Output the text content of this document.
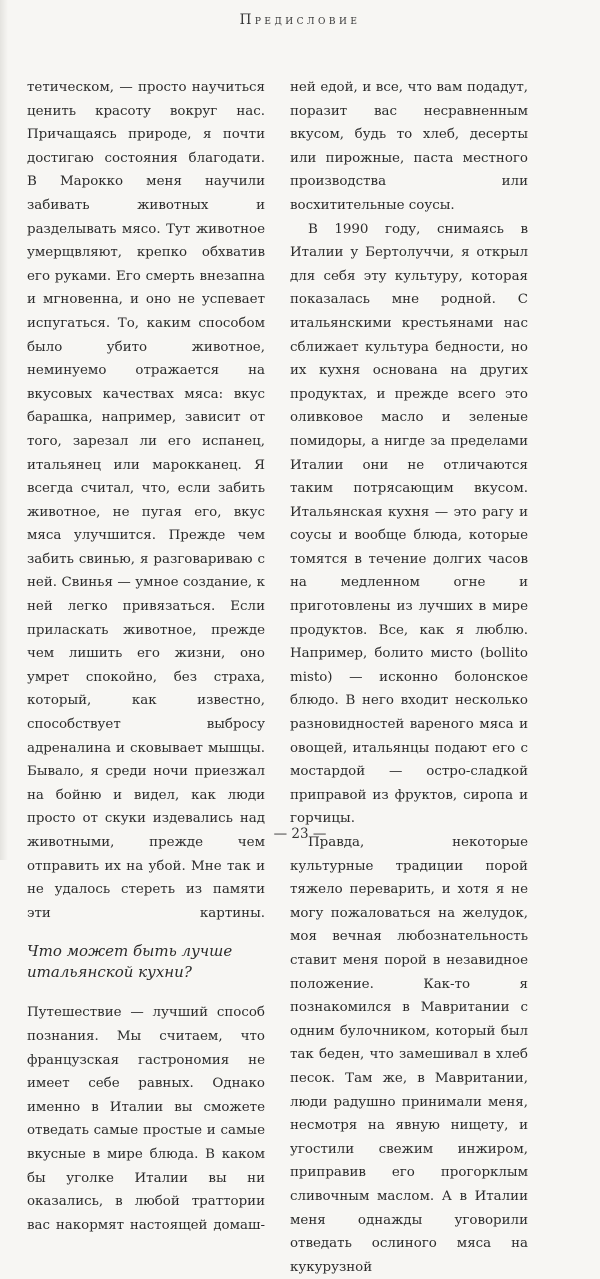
Предисловие

тетическом, — просто научиться ценить красоту вокруг нас. Причащаясь природе, я почти достигаю состояния благодати. В Марокко меня научили забивать животных и разделывать мясо. Тут животное умерщвляют, крепко обхватив его руками. Его смерть внезапна и мгновенна, и оно не успевает испугаться. То, каким способом было убито животное, неминуемо отражается на вкусовых качествах мяса: вкус барашка, например, зависит от того, зарезал ли его испанец, итальянец или марокканец. Я всегда считал, что, если забить животное, не пугая его, вкус мяса улучшится. Прежде чем забить свинью, я разговариваю с ней. Свинья — умное создание, к ней легко привязаться. Если приласкать животное, прежде чем лишить его жизни, оно умрет спокойно, без страха, который, как известно, способствует выбросу адреналина и сковывает мышцы. Бывало, я среди ночи приезжал на бойню и видел, как люди просто от скуки издевались над животными, прежде чем отправить их на убой. Мне так и не удалось стереть из памяти эти картины.

Что может быть лучше итальянской кухни?

Путешествие — лучший способ познания. Мы считаем, что французская гастрономия не имеет себе равных. Однако именно в Италии вы сможете отведать самые простые и самые вкусные в мире блюда. В каком бы уголке Италии вы ни оказались, в любой траттории вас накормят настоящей домаш-

ней едой, и все, что вам подадут, поразит вас несравненным вкусом, будь то хлеб, десерты или пирожные, паста местного производства или восхитительные соусы.

В 1990 году, снимаясь в Италии у Бертолуччи, я открыл для себя эту культуру, которая показалась мне родной. С итальянскими крестьянами нас сближает культура бедности, но их кухня основана на других продуктах, и прежде всего это оливковое масло и зеленые помидоры, а нигде за пределами Италии они не отличаются таким потрясающим вкусом. Итальянская кухня — это рагу и соусы и вообще блюда, которые томятся в течение долгих часов на медленном огне и приготовлены из лучших в мире продуктов. Все, как я люблю. Например, болито мисто (bollito misto) — исконно болонское блюдо. В него входит несколько разновидностей вареного мяса и овощей, итальянцы подают его с мостардой — остро-сладкой приправой из фруктов, сиропа и горчицы.

Правда, некоторые культурные традиции порой тяжело переварить, и хотя я не могу пожаловаться на желудок, моя вечная любознательность ставит меня порой в незавидное положение. Как-то я познакомился в Мавритании с одним булочником, который был так беден, что замешивал в хлеб песок. Там же, в Мавритании, люди радушно принимали меня, несмотря на явную нищету, и угостили свежим инжиром, приправив его прогорклым сливочным маслом. А в Италии меня однажды уговорили отведать ослиного мяса на кукурузной

— 23 —
